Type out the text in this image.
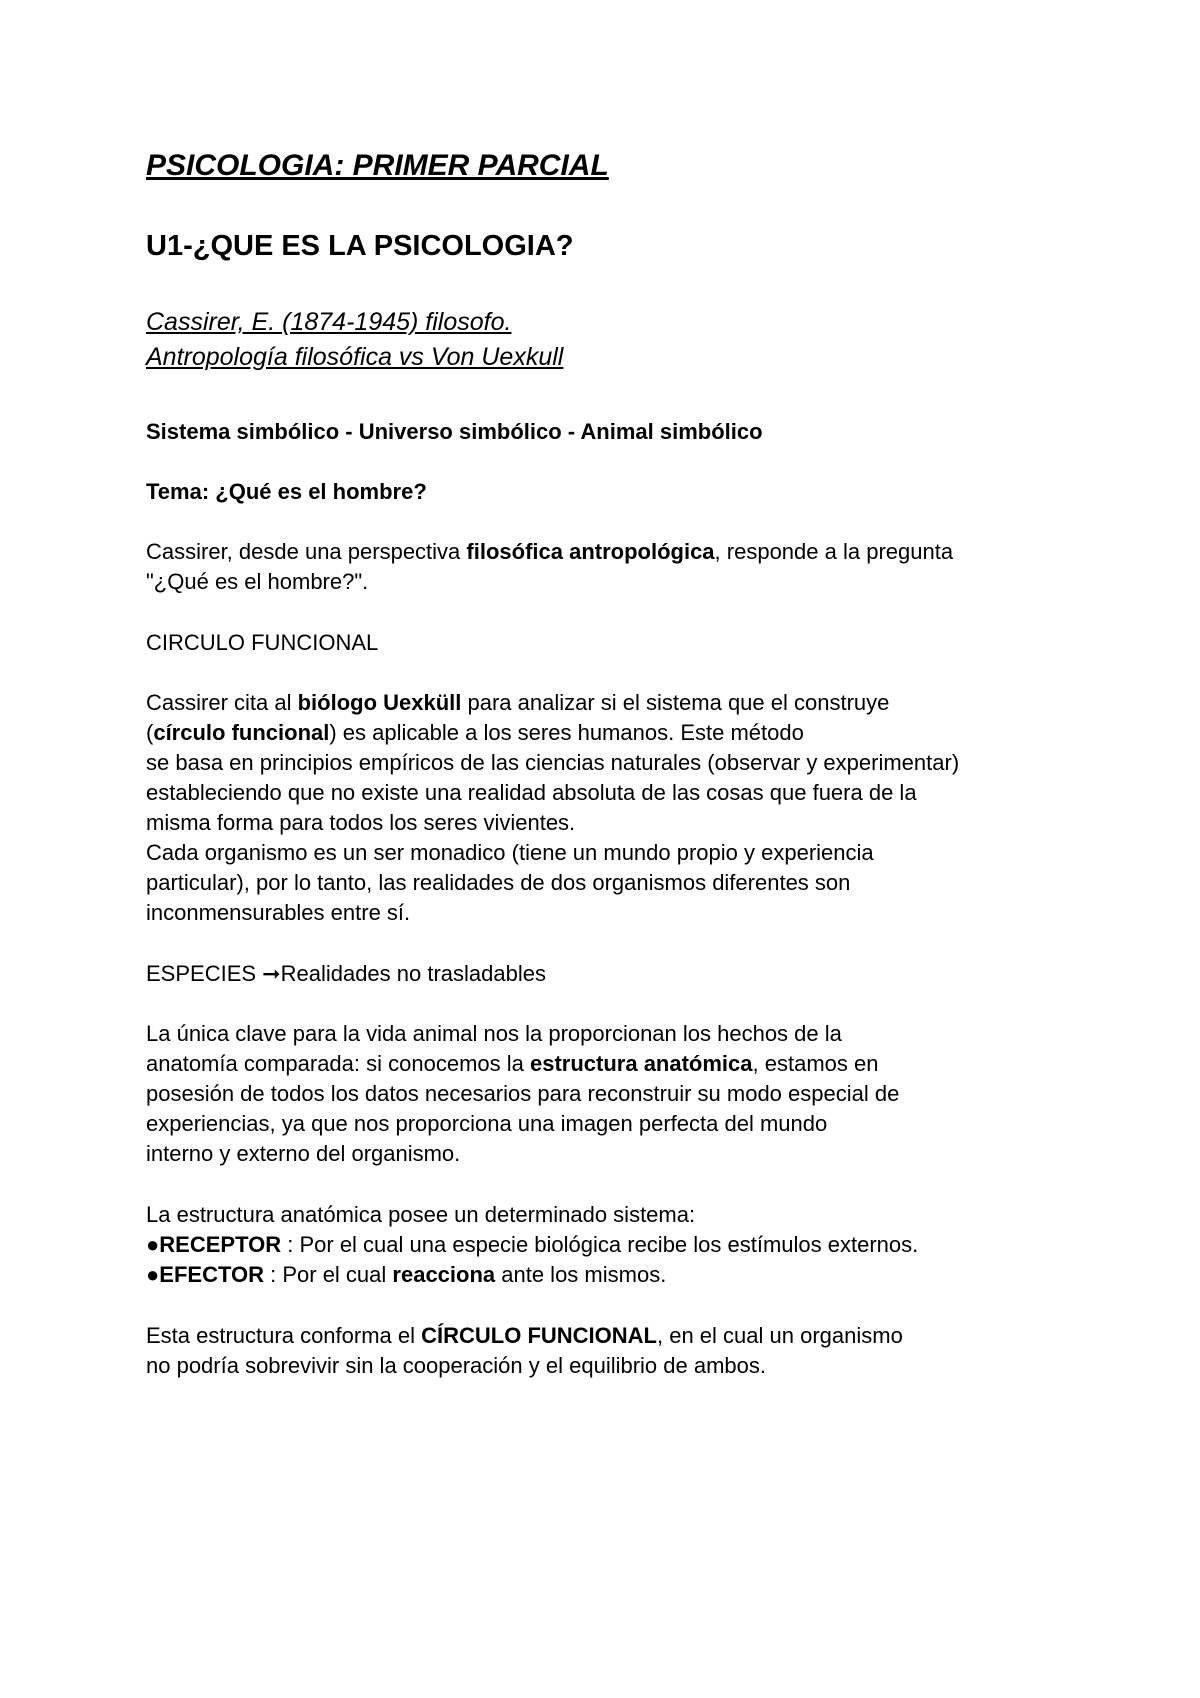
PSICOLOGIA: PRIMER PARCIAL
U1-¿QUE ES LA PSICOLOGIA?
Cassirer, E. (1874-1945) filosofo.
Antropología filosófica vs Von Uexkull
Sistema simbólico - Universo simbólico - Animal simbólico
Tema: ¿Qué es el hombre?
Cassirer, desde una perspectiva filosófica antropológica, responde a la pregunta
"¿Qué es el hombre?".
CIRCULO FUNCIONAL
Cassirer cita al biólogo Uexküll para analizar si el sistema que el construye
(círculo funcional) es aplicable a los seres humanos. Este método
se basa en principios empíricos de las ciencias naturales (observar y experimentar)
estableciendo que no existe una realidad absoluta de las cosas que fuera de la
misma forma para todos los seres vivientes.
Cada organismo es un ser monadico (tiene un mundo propio y experiencia
particular), por lo tanto, las realidades de dos organismos diferentes son
inconmensurables entre sí.
ESPECIES ➞Realidades no trasladables
La única clave para la vida animal nos la proporcionan los hechos de la
anatomía comparada: si conocemos la estructura anatómica, estamos en
posesión de todos los datos necesarios para reconstruir su modo especial de
experiencias, ya que nos proporciona una imagen perfecta del mundo
interno y externo del organismo.
La estructura anatómica posee un determinado sistema:
●RECEPTOR : Por el cual una especie biológica recibe los estímulos externos.
●EFECTOR : Por el cual reacciona ante los mismos.
Esta estructura conforma el CÍRCULO FUNCIONAL, en el cual un organismo
no podría sobrevivir sin la cooperación y el equilibrio de ambos.
